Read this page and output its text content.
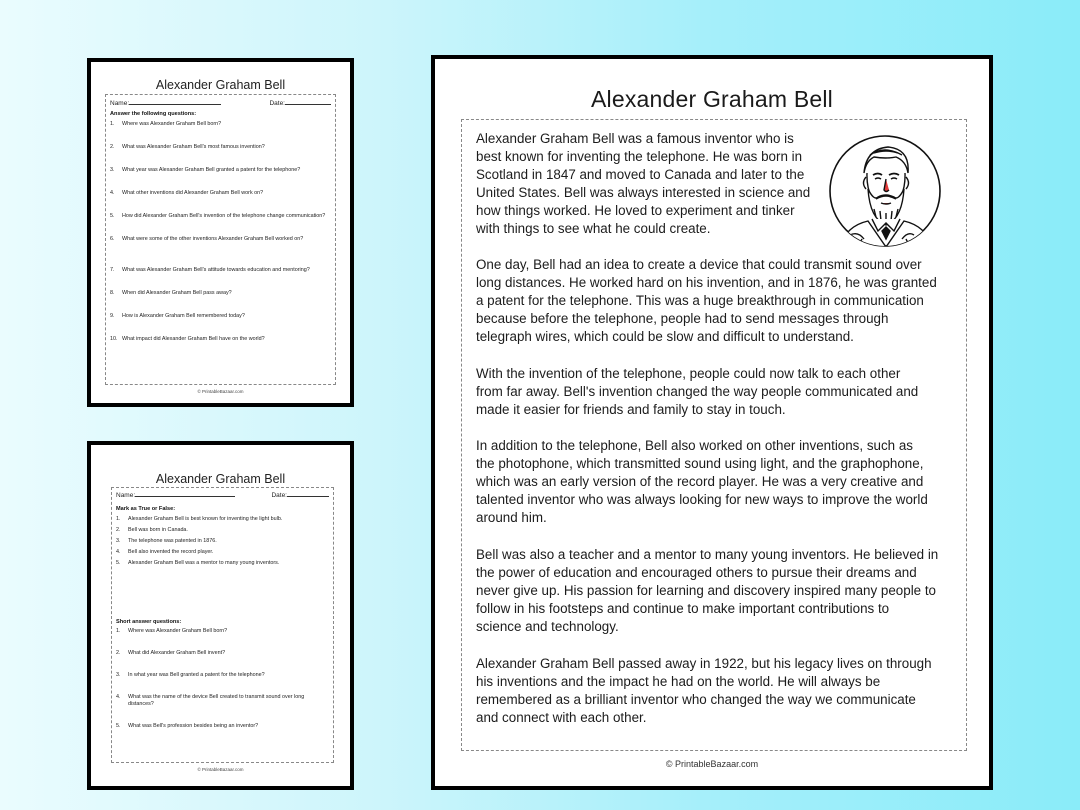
Alexander Graham Bell
Name:	Date:
Answer the following questions:
1.	Where was Alexander Graham Bell born?
2.	What was Alexander Graham Bell's most famous invention?
3.	What year was Alexander Graham Bell granted a patent for the telephone?
4.	What other inventions did Alexander Graham Bell work on?
5.	How did Alexander Graham Bell's invention of the telephone change communication?
6.	What were some of the other inventions Alexander Graham Bell worked on?
7.	What was Alexander Graham Bell's attitude towards education and mentoring?
8.	When did Alexander Graham Bell pass away?
9.	How is Alexander Graham Bell remembered today?
10. What impact did Alexander Graham Bell have on the world?
© PrintableBazaar.com
Alexander Graham Bell
Name:	Date:
Mark as True or False:
1.	Alexander Graham Bell is best known for inventing the light bulb.
2.	Bell was born in Canada.
3.	The telephone was patented in 1876.
4.	Bell also invented the record player.
5.	Alexander Graham Bell was a mentor to many young inventors.
Short answer questions:
1.	Where was Alexander Graham Bell born?
2.	What did Alexander Graham Bell invent?
3.	In what year was Bell granted a patent for the telephone?
4.	What was the name of the device Bell created to transmit sound over long distances?
5.	What was Bell's profession besides being an inventor?
© PrintableBazaar.com
Alexander Graham Bell
Alexander Graham Bell was a famous inventor who is
best known for inventing the telephone. He was born in
Scotland in 1847 and moved to Canada and later to the
United States. Bell was always interested in science and
how things worked. He loved to experiment and tinker
with things to see what he could create.
One day, Bell had an idea to create a device that could transmit sound over
long distances. He worked hard on his invention, and in 1876, he was granted
a patent for the telephone. This was a huge breakthrough in communication
because before the telephone, people had to send messages through
telegraph wires, which could be slow and difficult to understand.
With the invention of the telephone, people could now talk to each other
from far away. Bell's invention changed the way people communicated and
made it easier for friends and family to stay in touch.
In addition to the telephone, Bell also worked on other inventions, such as
the photophone, which transmitted sound using light, and the graphophone,
which was an early version of the record player. He was a very creative and
talented inventor who was always looking for new ways to improve the world
around him.
Bell was also a teacher and a mentor to many young inventors. He believed in
the power of education and encouraged others to pursue their dreams and
never give up. His passion for learning and discovery inspired many people to
follow in his footsteps and continue to make important contributions to
science and technology.
Alexander Graham Bell passed away in 1922, but his legacy lives on through
his inventions and the impact he had on the world. He will always be
remembered as a brilliant inventor who changed the way we communicate
and connect with each other.
© PrintableBazaar.com
